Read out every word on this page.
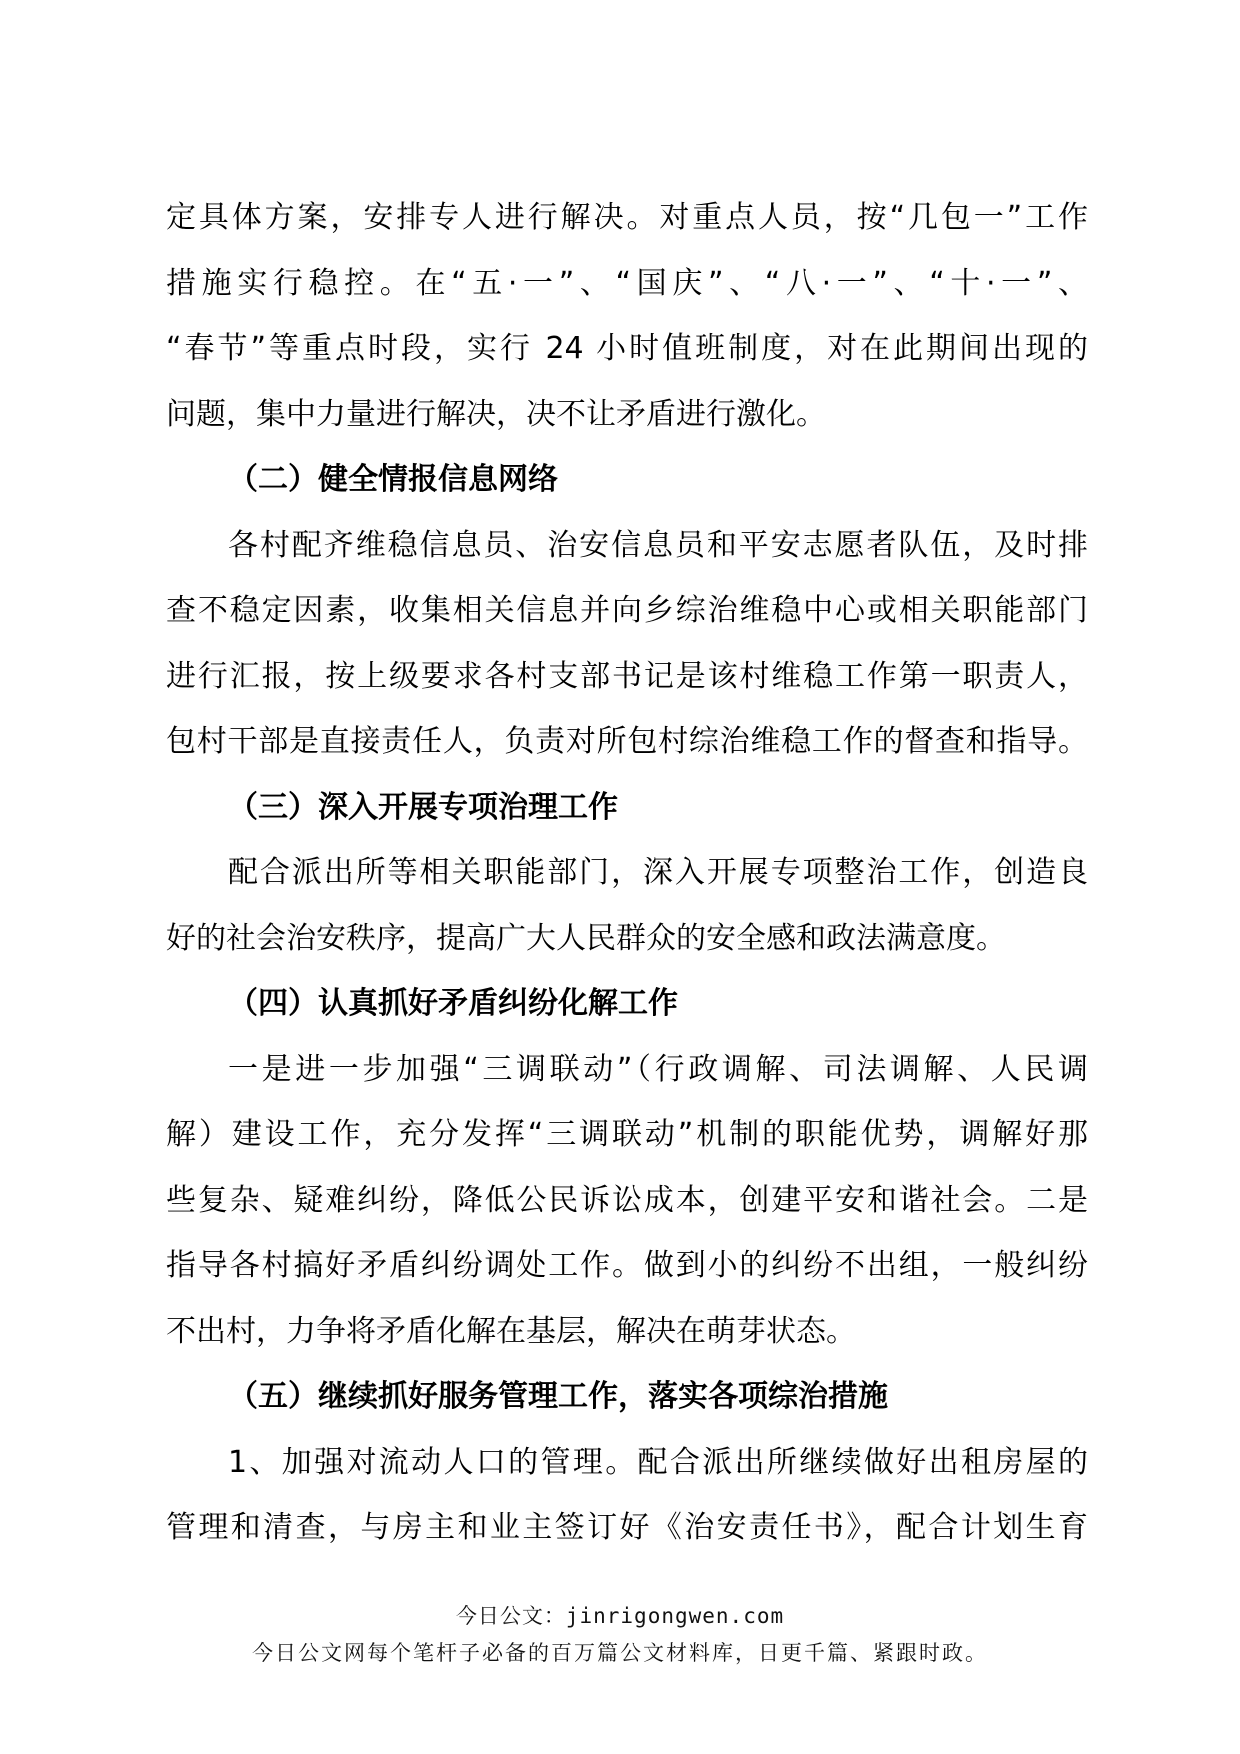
定具体方案，安排专人进行解决。对重点人员，按“几包一”工作
措施实行稳控。在“五·一”、“国庆”、“八·一”、“十·一”、
“春节”等重点时段，实行 24 小时值班制度，对在此期间出现的
问题，集中力量进行解决，决不让矛盾进行激化。
（二）健全情报信息网络
各村配齐维稳信息员、治安信息员和平安志愿者队伍，及时排
查不稳定因素，收集相关信息并向乡综治维稳中心或相关职能部门
进行汇报，按上级要求各村支部书记是该村维稳工作第一职责人，
包村干部是直接责任人，负责对所包村综治维稳工作的督查和指导。
（三）深入开展专项治理工作
配合派出所等相关职能部门，深入开展专项整治工作，创造良
好的社会治安秩序，提高广大人民群众的安全感和政法满意度。
（四）认真抓好矛盾纠纷化解工作
一是进一步加强“三调联动”（行政调解、司法调解、人民调
解）建设工作，充分发挥“三调联动”机制的职能优势，调解好那
些复杂、疑难纠纷，降低公民诉讼成本，创建平安和谐社会。二是
指导各村搞好矛盾纠纷调处工作。做到小的纠纷不出组，一般纠纷
不出村，力争将矛盾化解在基层，解决在萌芽状态。
（五）继续抓好服务管理工作，落实各项综治措施
1、加强对流动人口的管理。配合派出所继续做好出租房屋的
管理和清查，与房主和业主签订好《治安责任书》，配合计划生育
今日公文：jinrigongwen.com
今日公文网每个笔杆子必备的百万篇公文材料库，日更千篇、紧跟时政。
